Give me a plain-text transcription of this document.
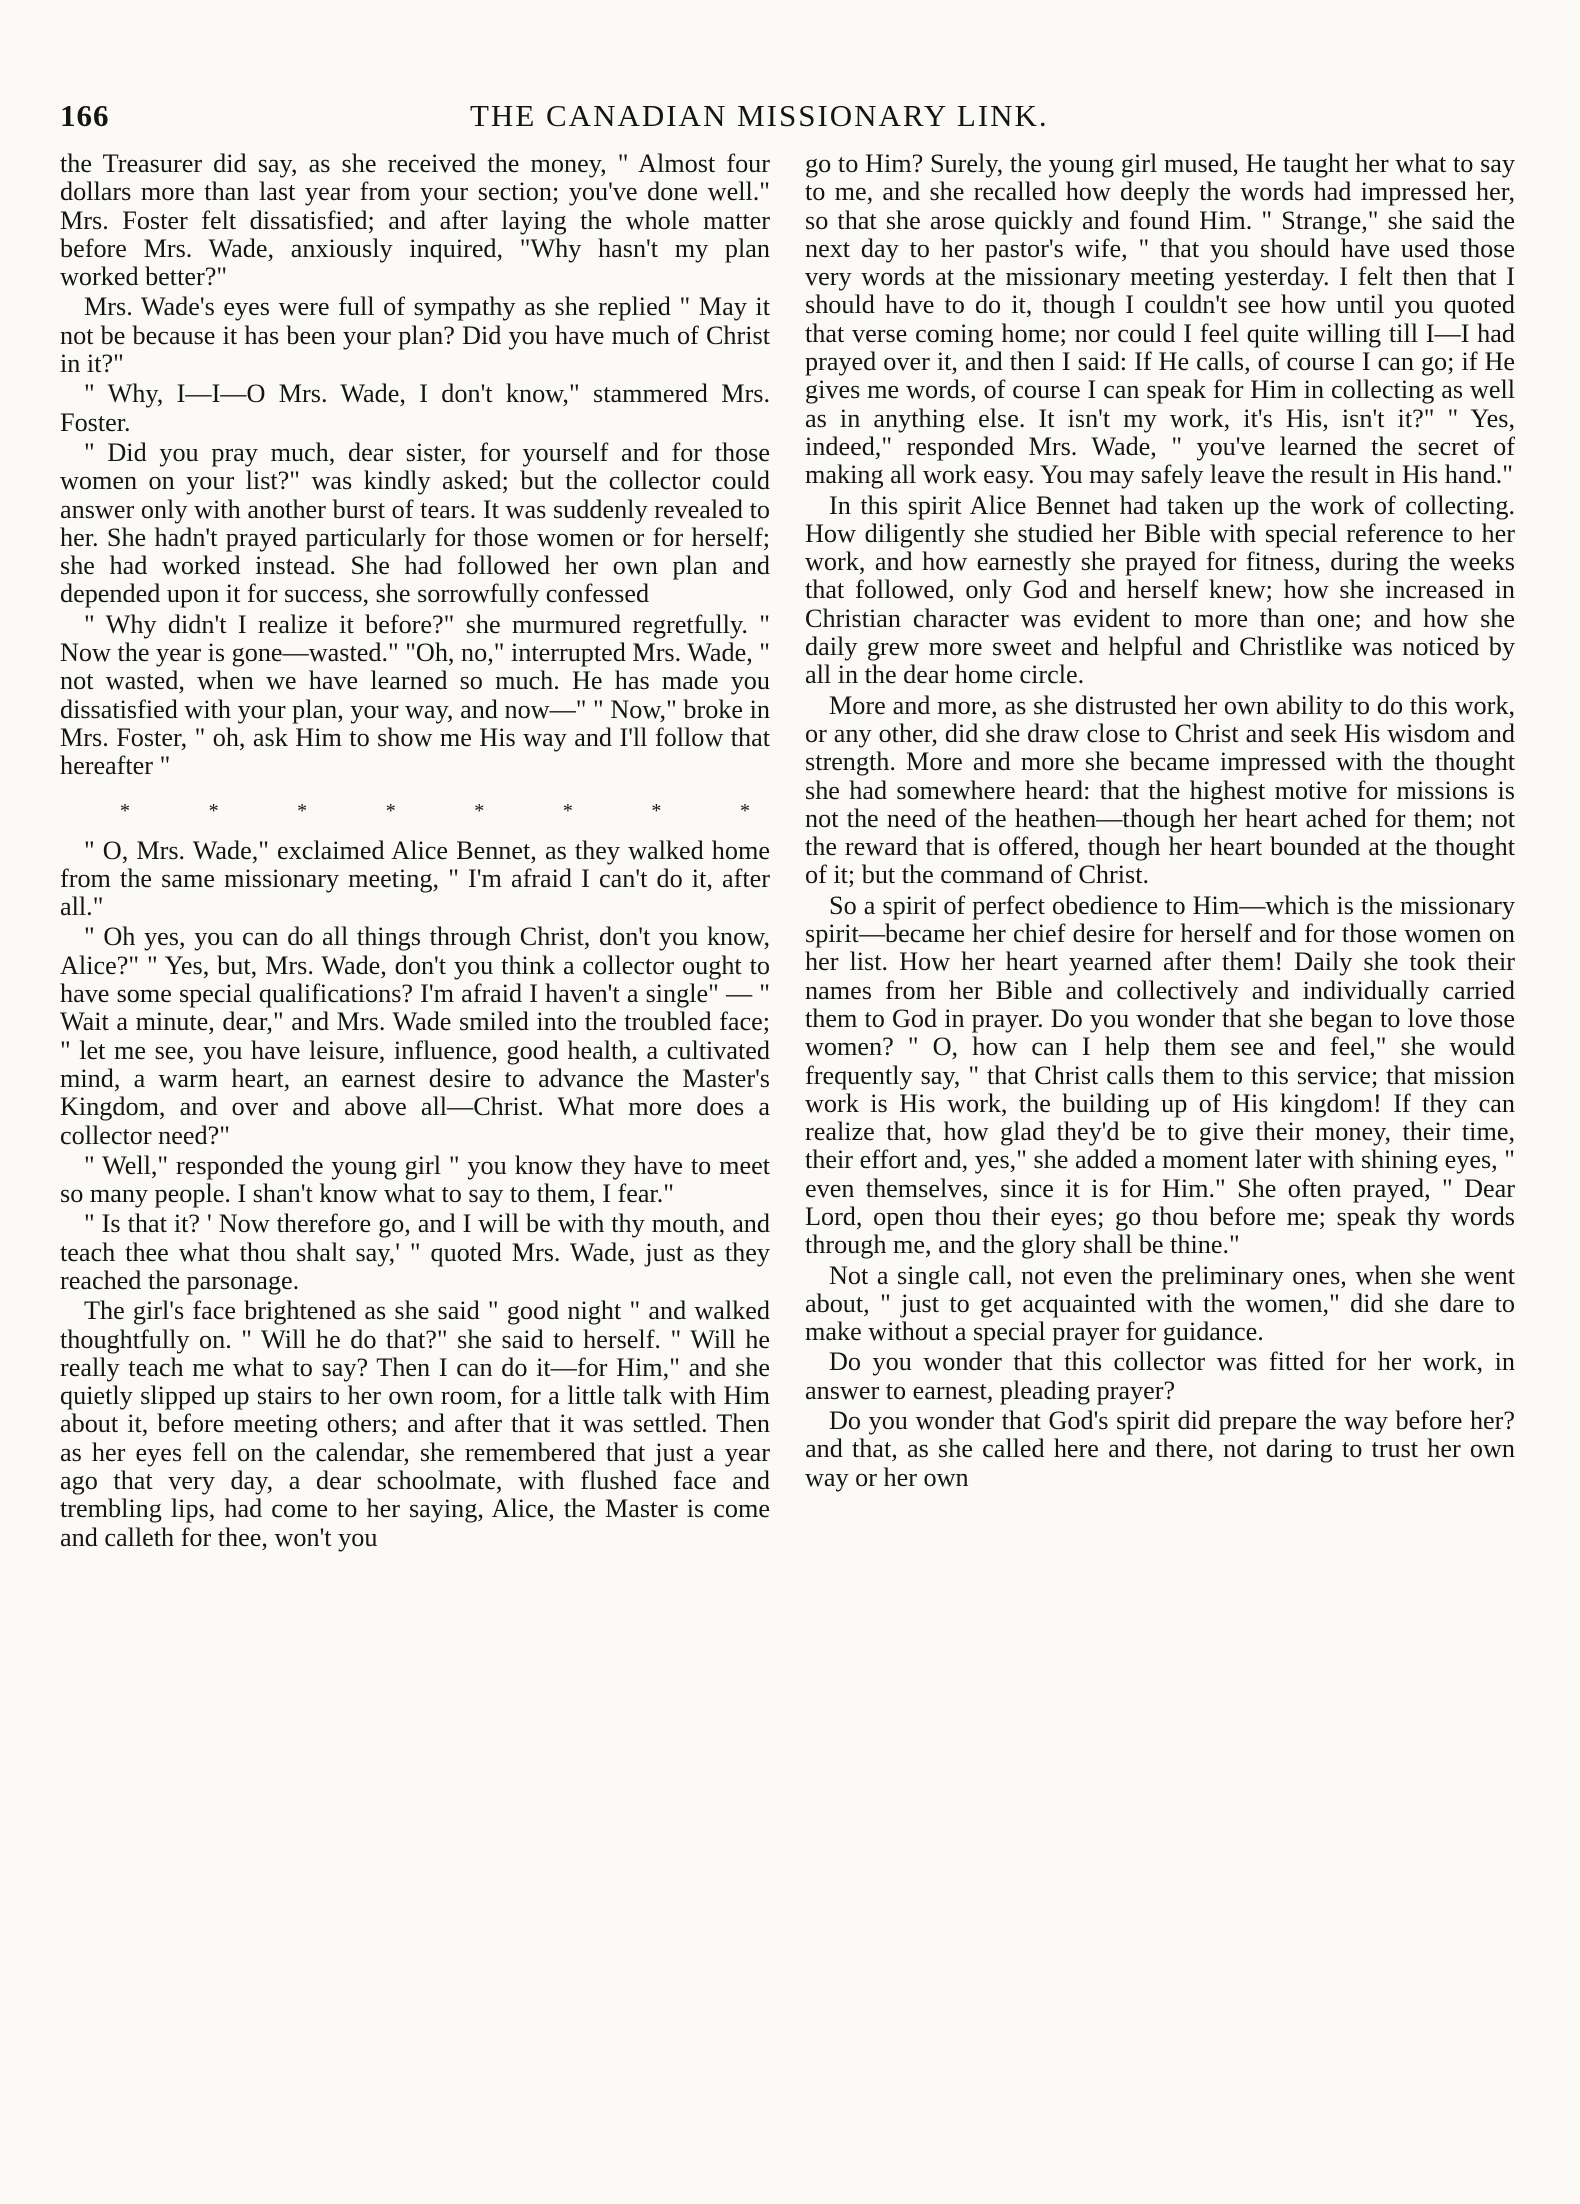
166	THE CANADIAN MISSIONARY LINK.

the Treasurer did say, as she received the money, " Almost four dollars more than last year from your section; you've done well." Mrs. Foster felt dissatisfied; and after laying the whole matter before Mrs. Wade, anxiously inquired, "Why hasn't my plan worked better?"

Mrs. Wade's eyes were full of sympathy as she replied " May it not be because it has been your plan? Did you have much of Christ in it?"

" Why, I—I—O Mrs. Wade, I don't know," stammered Mrs. Foster.

" Did you pray much, dear sister, for yourself and for those women on your list?" was kindly asked; but the collector could answer only with another burst of tears. It was suddenly revealed to her. She hadn't prayed particularly for those women or for herself; she had worked instead. She had followed her own plan and depended upon it for success, she sorrowfully confessed

" Why didn't I realize it before?" she murmured regretfully. " Now the year is gone—wasted." "Oh, no," interrupted Mrs. Wade, " not wasted, when we have learned so much. He has made you dissatisfied with your plan, your way, and now—" " Now," broke in Mrs. Foster, " oh, ask Him to show me His way and I'll follow that hereafter "

*	*	*	*	*	*	*	*

" O, Mrs. Wade," exclaimed Alice Bennet, as they walked home from the same missionary meeting, " I'm afraid I can't do it, after all."

" Oh yes, you can do all things through Christ, don't you know, Alice?" " Yes, but, Mrs. Wade, don't you think a collector ought to have some special qualifications? I'm afraid I haven't a single" — " Wait a minute, dear," and Mrs. Wade smiled into the troubled face; " let me see, you have leisure, influence, good health, a cultivated mind, a warm heart, an earnest desire to advance the Master's Kingdom, and over and above all—Christ. What more does a collector need?"

" Well," responded the young girl " you know they have to meet so many people. I shan't know what to say to them, I fear."

" Is that it? ' Now therefore go, and I will be with thy mouth, and teach thee what thou shalt say,' " quoted Mrs. Wade, just as they reached the parsonage.

The girl's face brightened as she said " good night " and walked thoughtfully on. " Will he do that?" she said to herself. " Will he really teach me what to say? Then I can do it—for Him," and she quietly slipped up stairs to her own room, for a little talk with Him about it, before meeting others; and after that it was settled. Then as her eyes fell on the calendar, she remembered that just a year ago that very day, a dear schoolmate, with flushed face and trembling lips, had come to her saying, Alice, the Master is come and calleth for thee, won't you

go to Him? Surely, the young girl mused, He taught her what to say to me, and she recalled how deeply the words had impressed her, so that she arose quickly and found Him. " Strange," she said the next day to her pastor's wife, " that you should have used those very words at the missionary meeting yesterday. I felt then that I should have to do it, though I couldn't see how until you quoted that verse coming home; nor could I feel quite willing till I—I had prayed over it, and then I said: If He calls, of course I can go; if He gives me words, of course I can speak for Him in collecting as well as in anything else. It isn't my work, it's His, isn't it?" " Yes, indeed," responded Mrs. Wade, " you've learned the secret of making all work easy. You may safely leave the result in His hand."

In this spirit Alice Bennet had taken up the work of collecting. How diligently she studied her Bible with special reference to her work, and how earnestly she prayed for fitness, during the weeks that followed, only God and herself knew; how she increased in Christian character was evident to more than one; and how she daily grew more sweet and helpful and Christlike was noticed by all in the dear home circle.

More and more, as she distrusted her own ability to do this work, or any other, did she draw close to Christ and seek His wisdom and strength. More and more she became impressed with the thought she had somewhere heard: that the highest motive for missions is not the need of the heathen—though her heart ached for them; not the reward that is offered, though her heart bounded at the thought of it; but the command of Christ.

So a spirit of perfect obedience to Him—which is the missionary spirit—became her chief desire for herself and for those women on her list. How her heart yearned after them! Daily she took their names from her Bible and collectively and individually carried them to God in prayer. Do you wonder that she began to love those women? " O, how can I help them see and feel," she would frequently say, " that Christ calls them to this service; that mission work is His work, the building up of His kingdom! If they can realize that, how glad they'd be to give their money, their time, their effort and, yes," she added a moment later with shining eyes, " even themselves, since it is for Him." She often prayed, " Dear Lord, open thou their eyes; go thou before me; speak thy words through me, and the glory shall be thine."

Not a single call, not even the preliminary ones, when she went about, " just to get acquainted with the women," did she dare to make without a special prayer for guidance.

Do you wonder that this collector was fitted for her work, in answer to earnest, pleading prayer?

Do you wonder that God's spirit did prepare the way before her? and that, as she called here and there, not daring to trust her own way or her own
